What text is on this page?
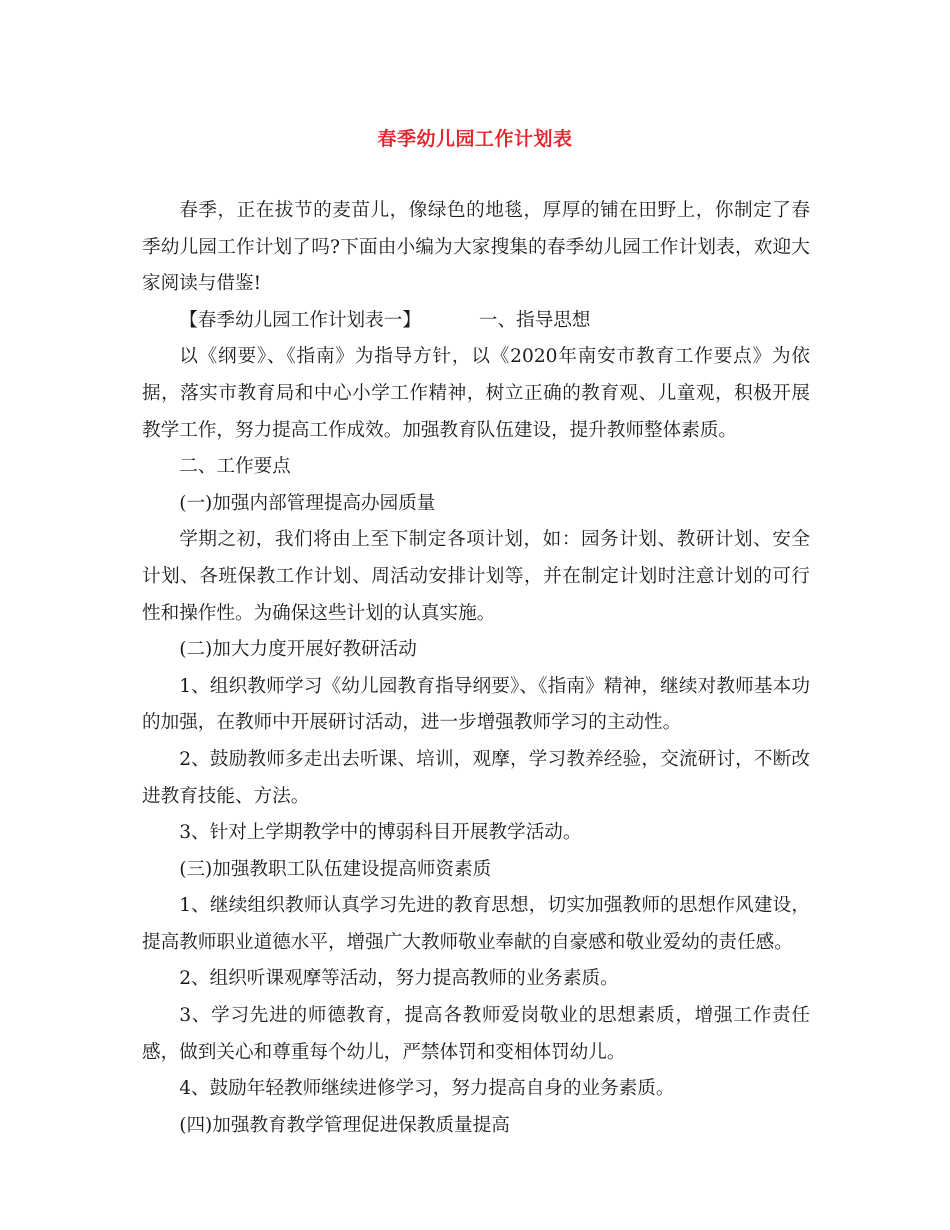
春季幼儿园工作计划表

春季，正在拔节的麦苗儿，像绿色的地毯，厚厚的铺在田野上，你制定了春季幼儿园工作计划了吗?下面由小编为大家搜集的春季幼儿园工作计划表，欢迎大家阅读与借鉴!

【春季幼儿园工作计划表一】	一、指导思想

以《纲要》、《指南》为指导方针，以《2020年南安市教育工作要点》为依据，落实市教育局和中心小学工作精神，树立正确的教育观、儿童观，积极开展教学工作，努力提高工作成效。加强教育队伍建设，提升教师整体素质。

二、工作要点

(一)加强内部管理提高办园质量

学期之初，我们将由上至下制定各项计划，如：园务计划、教研计划、安全计划、各班保教工作计划、周活动安排计划等，并在制定计划时注意计划的可行性和操作性。为确保这些计划的认真实施。

(二)加大力度开展好教研活动

1、组织教师学习《幼儿园教育指导纲要》、《指南》精神，继续对教师基本功的加强，在教师中开展研讨活动，进一步增强教师学习的主动性。

2、鼓励教师多走出去听课、培训，观摩，学习教养经验，交流研讨，不断改进教育技能、方法。

3、针对上学期教学中的博弱科目开展教学活动。

(三)加强教职工队伍建设提高师资素质

1、继续组织教师认真学习先进的教育思想，切实加强教师的思想作风建设，提高教师职业道德水平，增强广大教师敬业奉献的自豪感和敬业爱幼的责任感。

2、组织听课观摩等活动，努力提高教师的业务素质。

3、学习先进的师德教育，提高各教师爱岗敬业的思想素质，增强工作责任感，做到关心和尊重每个幼儿，严禁体罚和变相体罚幼儿。

4、鼓励年轻教师继续进修学习，努力提高自身的业务素质。

(四)加强教育教学管理促进保教质量提高
